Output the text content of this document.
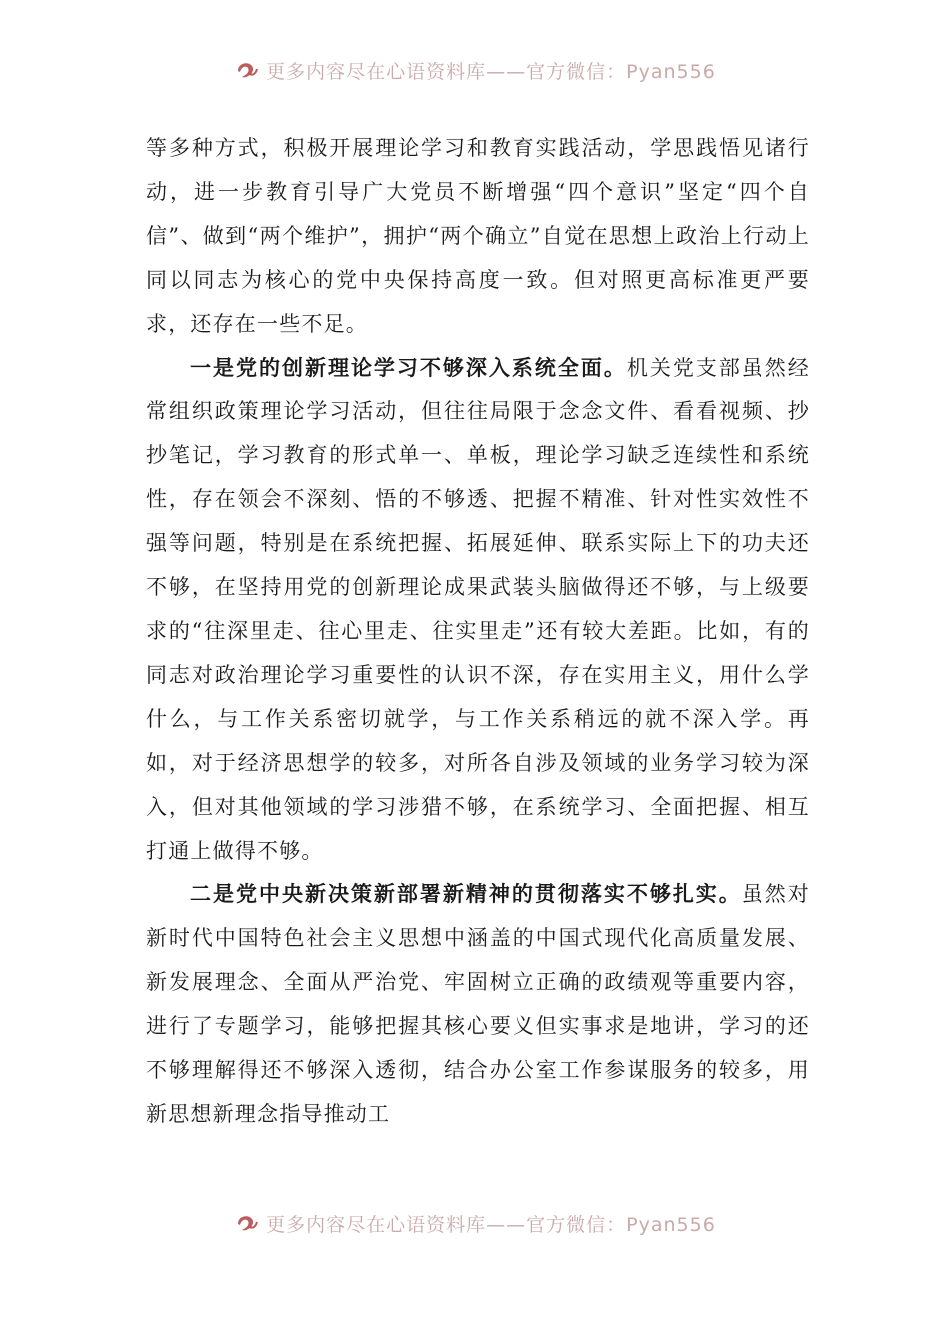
更多内容尽在心语资料库——官方微信：Pyan556

等多种方式，积极开展理论学习和教育实践活动，学思践悟见诸行动，进一步教育引导广大党员不断增强“四个意识”坚定“四个自信”、做到“两个维护”，拥护“两个确立”自觉在思想上政治上行动上同以同志为核心的党中央保持高度一致。但对照更高标准更严要求，还存在一些不足。

一是党的创新理论学习不够深入系统全面。机关党支部虽然经常组织政策理论学习活动，但往往局限于念念文件、看看视频、抄抄笔记，学习教育的形式单一、单板，理论学习缺乏连续性和系统性，存在领会不深刻、悟的不够透、把握不精准、针对性实效性不强等问题，特别是在系统把握、拓展延伸、联系实际上下的功夫还不够，在坚持用党的创新理论成果武装头脑做得还不够，与上级要求的“往深里走、往心里走、往实里走”还有较大差距。比如，有的同志对政治理论学习重要性的认识不深，存在实用主义，用什么学什么，与工作关系密切就学，与工作关系稍远的就不深入学。再如，对于经济思想学的较多，对所各自涉及领域的业务学习较为深入，但对其他领域的学习涉猎不够，在系统学习、全面把握、相互打通上做得不够。

二是党中央新决策新部署新精神的贯彻落实不够扎实。虽然对新时代中国特色社会主义思想中涵盖的中国式现代化高质量发展、新发展理念、全面从严治党、牢固树立正确的政绩观等重要内容，进行了专题学习，能够把握其核心要义但实事求是地讲，学习的还不够理解得还不够深入透彻，结合办公室工作参谋服务的较多，用新思想新理念指导推动工

更多内容尽在心语资料库——官方微信：Pyan556
